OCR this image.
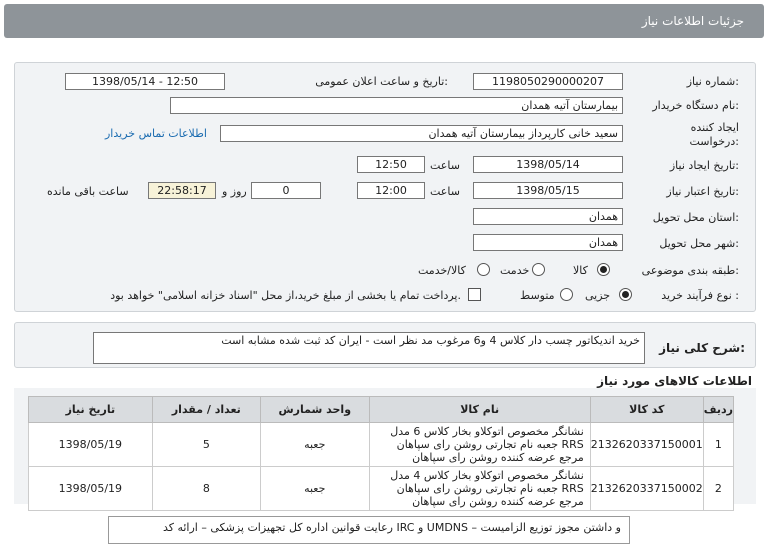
جزئیات اطلاعات نیاز
شماره نیاز:
1198050290000207
تاریخ و ساعت اعلان عمومی:
1398/05/14 - 12:50
نام دستگاه خریدار:
بیمارستان آتیه همدان
ایجاد کننده درخواست:
سعید خانی کارپرداز بیمارستان آتیه همدان
اطلاعات تماس خریدار
تاریخ ایجاد نیاز:
1398/05/14
ساعت
12:50
تاریخ اعتبار نیاز:
1398/05/15
ساعت
12:00
0
روز و
22:58:17
ساعت باقی مانده
استان محل تحویل:
همدان
شهر محل تحویل:
همدان
طبقه بندی موضوعی:
کالا
خدمت
کالا/خدمت
نوع فرآیند خرید :
جزیی
متوسط
پرداخت تمام یا بخشی از مبلغ خرید،از محل "اسناد خزانه اسلامی" خواهد بود.
شرح کلی نیاز:
خرید اندیکاتور چسب دار کلاس 4 و6 مرغوب مد نظر است - ایران کد ثبت شده مشابه است
اطلاعات کالاهای مورد نیاز
ردیف	کد کالا	نام کالا	واحد شمارش	تعداد / مقدار	تاریخ نیاز
1	2132620337150001	نشانگر مخصوص اتوکلاو بخار کلاس 6 مدل RRS جعبه نام تجارتی روشن رای سپاهان مرجع عرضه کننده روشن رای سپاهان	جعبه	5	1398/05/19
2	2132620337150002	نشانگر مخصوص اتوکلاو بخار کلاس 4 مدل RRS جعبه نام تجارتی روشن رای سپاهان مرجع عرضه کننده روشن رای سپاهان	جعبه	8	1398/05/19
رعایت قوانین اداره کل تجهیزات پزشکی – ارائه کد IRC و UMDNS – و داشتن مجوز توزیع الزامیست
